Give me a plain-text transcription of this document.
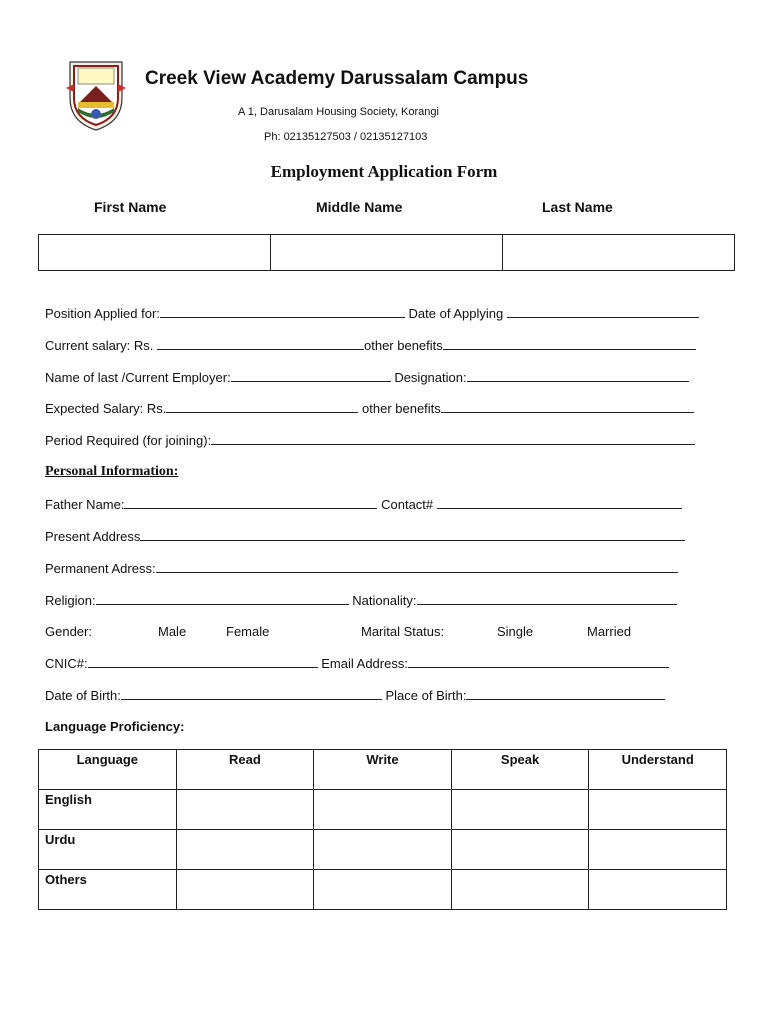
Creek View Academy Darussalam Campus
A 1, Darusalam Housing Society, Korangi
Ph: 02135127503 / 02135127103
Employment Application Form
First Name	Middle Name	Last Name

Position Applied for:	Date of Applying
Current salary: Rs.	other benefits
Name of last /Current Employer:	Designation:
Expected Salary: Rs.	other benefits
Period Required (for joining):
Personal Information:
Father Name:	Contact#
Present Address
Permanent Adress:
Religion:	Nationality:
Gender:	Male	Female	Marital Status:	Single	Married
CNIC#:	Email Address:
Date of Birth:	Place of Birth:
Language Proficiency:
Language	Read	Write	Speak	Understand
English				
Urdu				
Others				
